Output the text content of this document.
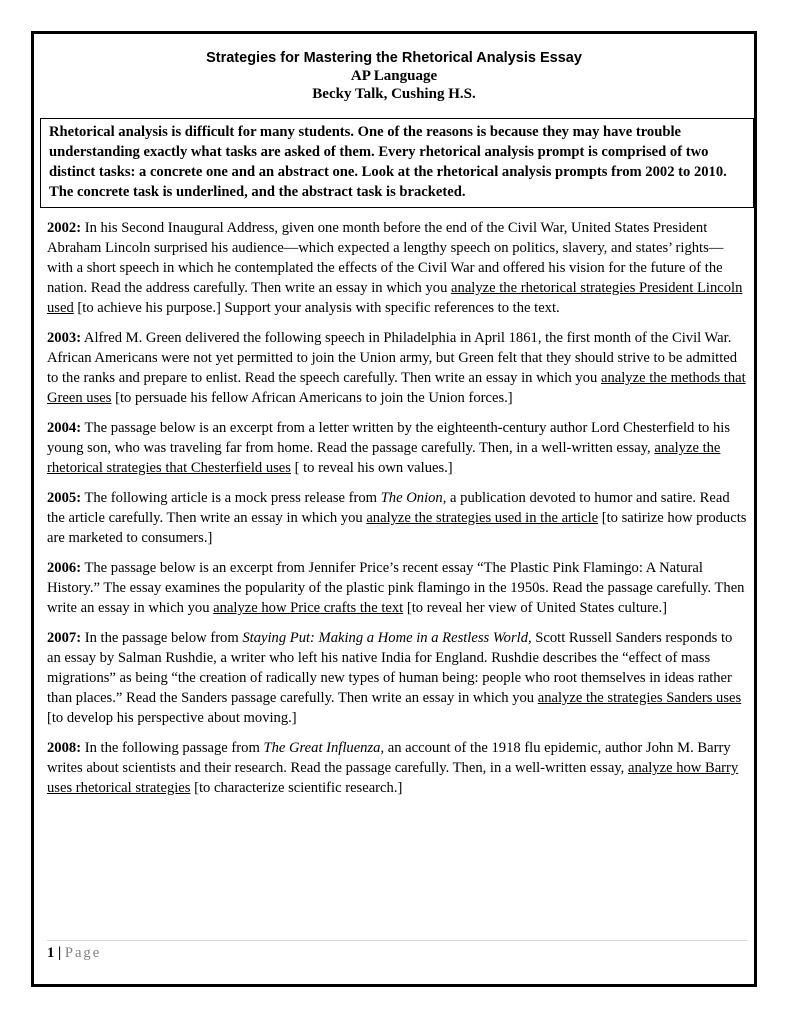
Strategies for Mastering the Rhetorical Analysis Essay
AP Language
Becky Talk, Cushing H.S.
Rhetorical analysis is difficult for many students. One of the reasons is because they may have trouble understanding exactly what tasks are asked of them. Every rhetorical analysis prompt is comprised of two distinct tasks: a concrete one and an abstract one. Look at the rhetorical analysis prompts from 2002 to 2010. The concrete task is underlined, and the abstract task is bracketed.

2002: In his Second Inaugural Address, given one month before the end of the Civil War, United States President Abraham Lincoln surprised his audience—which expected a lengthy speech on politics, slavery, and states’ rights—with a short speech in which he contemplated the effects of the Civil War and offered his vision for the future of the nation. Read the address carefully. Then write an essay in which you analyze the rhetorical strategies President Lincoln used [to achieve his purpose.] Support your analysis with specific references to the text.

2003: Alfred M. Green delivered the following speech in Philadelphia in April 1861, the first month of the Civil War. African Americans were not yet permitted to join the Union army, but Green felt that they should strive to be admitted to the ranks and prepare to enlist. Read the speech carefully. Then write an essay in which you analyze the methods that Green uses [to persuade his fellow African Americans to join the Union forces.]

2004: The passage below is an excerpt from a letter written by the eighteenth-century author Lord Chesterfield to his young son, who was traveling far from home. Read the passage carefully. Then, in a well-written essay, analyze the rhetorical strategies that Chesterfield uses [ to reveal his own values.]

2005: The following article is a mock press release from The Onion, a publication devoted to humor and satire. Read the article carefully. Then write an essay in which you analyze the strategies used in the article [to satirize how products are marketed to consumers.]

2006: The passage below is an excerpt from Jennifer Price’s recent essay “The Plastic Pink Flamingo: A Natural History.” The essay examines the popularity of the plastic pink flamingo in the 1950s. Read the passage carefully. Then write an essay in which you analyze how Price crafts the text [to reveal her view of United States culture.]

2007: In the passage below from Staying Put: Making a Home in a Restless World, Scott Russell Sanders responds to an essay by Salman Rushdie, a writer who left his native India for England. Rushdie describes the “effect of mass migrations” as being “the creation of radically new types of human being: people who root themselves in ideas rather than places.” Read the Sanders passage carefully. Then write an essay in which you analyze the strategies Sanders uses [to develop his perspective about moving.]

2008: In the following passage from The Great Influenza, an account of the 1918 flu epidemic, author John M. Barry writes about scientists and their research. Read the passage carefully. Then, in a well-written essay, analyze how Barry uses rhetorical strategies [to characterize scientific research.]

1 | Page
